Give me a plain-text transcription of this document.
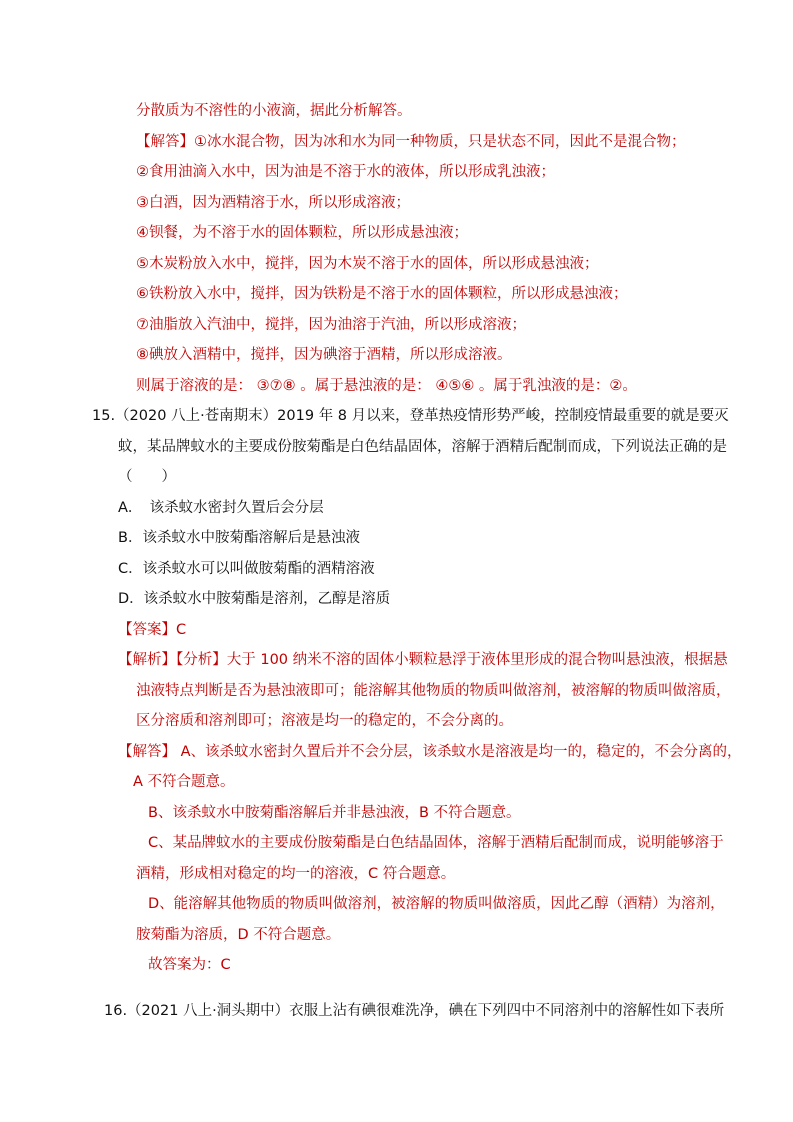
分散质为不溶性的小液滴，据此分析解答。
【解答】①冰水混合物，因为冰和水为同一种物质，只是状态不同，因此不是混合物；
②食用油滴入水中，因为油是不溶于水的液体，所以形成乳浊液；
③白酒，因为酒精溶于水，所以形成溶液；
④钡餐，为不溶于水的固体颗粒，所以形成悬浊液；
⑤木炭粉放入水中，搅拌，因为木炭不溶于水的固体，所以形成悬浊液；
⑥铁粉放入水中，搅拌，因为铁粉是不溶于水的固体颗粒，所以形成悬浊液；
⑦油脂放入汽油中，搅拌，因为油溶于汽油，所以形成溶液；
⑧碘放入酒精中，搅拌，因为碘溶于酒精，所以形成溶液。
则属于溶液的是： ③⑦⑧ 。属于悬浊液的是： ④⑤⑥ 。属于乳浊液的是：②。
15.（2020 八上·苍南期末）2019 年 8 月以来，登革热疫情形势严峻，控制疫情最重要的就是要灭
蚊，某品牌蚊水的主要成份胺菊酯是白色结晶固体，溶解于酒精后配制而成，下列说法正确的是
（　　）
A．　该杀蚊水密封久置后会分层
B．该杀蚊水中胺菊酯溶解后是悬浊液
C．该杀蚊水可以叫做胺菊酯的酒精溶液
D．该杀蚊水中胺菊酯是溶剂，乙醇是溶质
【答案】C
【解析】【分析】大于 100 纳米不溶的固体小颗粒悬浮于液体里形成的混合物叫悬浊液，根据悬
浊液特点判断是否为悬浊液即可；能溶解其他物质的物质叫做溶剂，被溶解的物质叫做溶质，
区分溶质和溶剂即可；溶液是均一的稳定的，不会分离的。
【解答】 A、该杀蚊水密封久置后并不会分层，该杀蚊水是溶液是均一的，稳定的，不会分离的，
A 不符合题意。
B、该杀蚊水中胺菊酯溶解后并非悬浊液，B 不符合题意。
C、某品牌蚊水的主要成份胺菊酯是白色结晶固体，溶解于酒精后配制而成，说明能够溶于
酒精，形成相对稳定的均一的溶液，C 符合题意。
D、能溶解其他物质的物质叫做溶剂，被溶解的物质叫做溶质，因此乙醇（酒精）为溶剂，
胺菊酯为溶质，D 不符合题意。
故答案为：C
16.（2021 八上·洞头期中）衣服上沾有碘很难洗净，碘在下列四中不同溶剂中的溶解性如下表所
